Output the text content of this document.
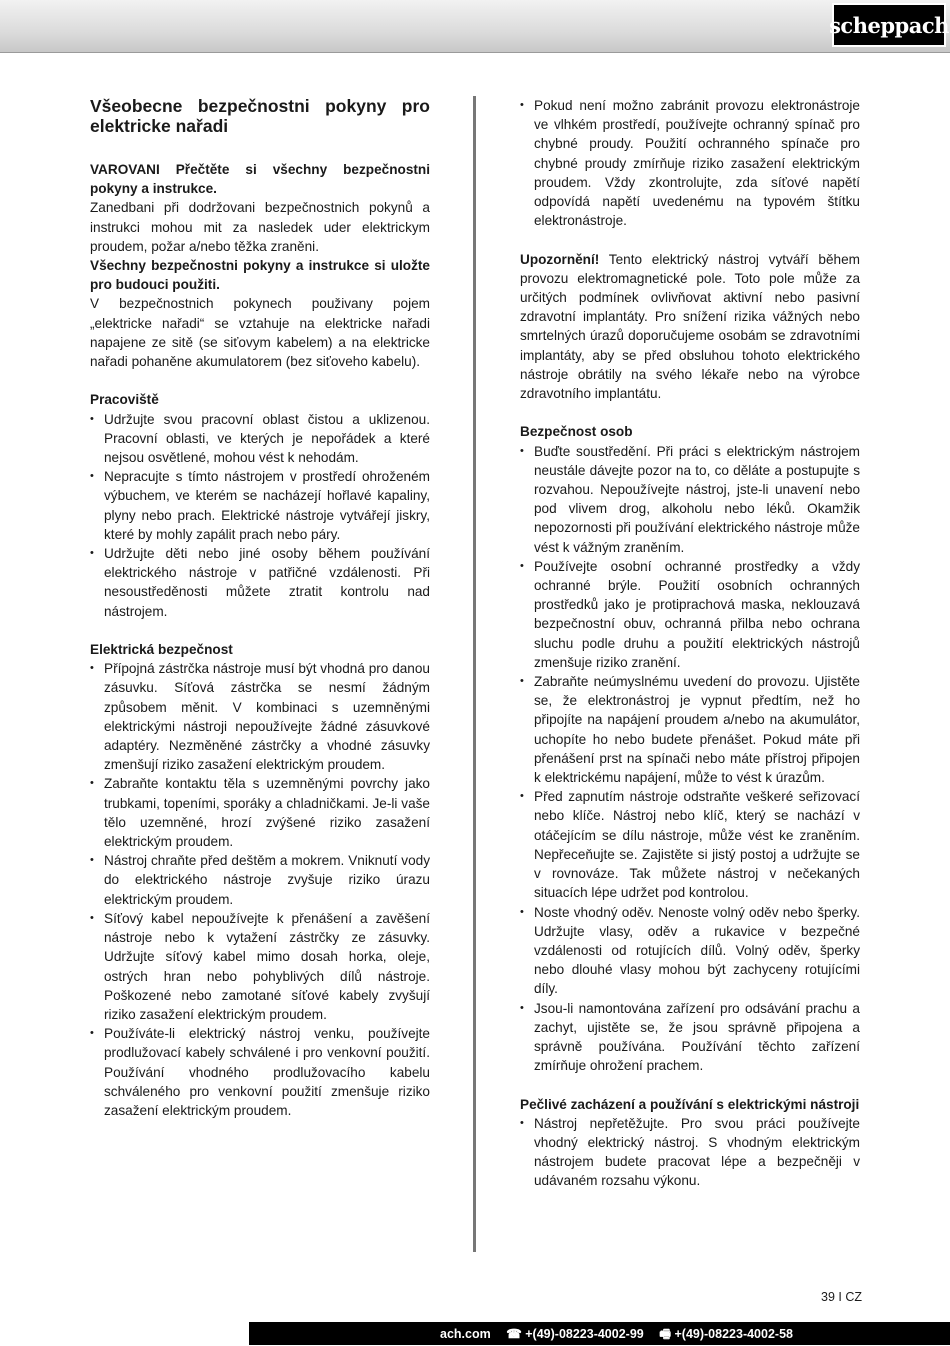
scheppach
Všeobecne bezpečnostni pokyny pro elektricke nařadi

VAROVANI Přečtěte si všechny bezpečnostni pokyny a instrukce.

Zanedbani při dodržovani bezpečnostnich pokynů a instrukci mohou mit za nasledek uder elektrickym proudem, požar a/nebo těžka zraněni.

Všechny bezpečnostni pokyny a instrukce si uložte pro budouci použiti.

V bezpečnostnich pokynech použivany pojem „elektricke nařadi“ se vztahuje na elektricke nařadi napajene ze sitě (se siťovym kabelem) a na elektricke nařadi pohaněne akumulatorem (bez siťoveho kabelu).

Pracoviště
• Udržujte svou pracovní oblast čistou a uklizenou. Pracovní oblasti, ve kterých je nepořádek a které nejsou osvětlené, mohou vést k nehodám.
• Nepracujte s tímto nástrojem v prostředí ohroženém výbuchem, ve kterém se nacházejí hořlavé kapaliny, plyny nebo prach. Elektrické nástroje vytvářejí jiskry, které by mohly zapálit prach nebo páry.
• Udržujte děti nebo jiné osoby během používání elektrického nástroje v patřičné vzdálenosti. Při nesoustředěnosti můžete ztratit kontrolu nad nástrojem.
Elektrická bezpečnost
• Přípojná zástrčka nástroje musí být vhodná pro danou zásuvku. Síťová zástrčka se nesmí žádným způsobem měnit. V kombinaci s uzemněnými elektrickými nástroji nepoužívejte žádné zásuvkové adaptéry. Nezměněné zástrčky a vhodné zásuvky zmenšují riziko zasažení elektrickým proudem.
• Zabraňte kontaktu těla s uzemněnými povrchy jako trubkami, topeními, sporáky a chladničkami. Je-li vaše tělo uzemněné, hrozí zvýšené riziko zasažení elektrickým proudem.
• Nástroj chraňte před deštěm a mokrem. Vniknutí vody do elektrického nástroje zvyšuje riziko úrazu elektrickým proudem.
• Síťový kabel nepoužívejte k přenášení a zavěšení nástroje nebo k vytažení zástrčky ze zásuvky. Udržujte síťový kabel mimo dosah horka, oleje, ostrých hran nebo pohyblivých dílů nástroje. Poškozené nebo zamotané síťové kabely zvyšují riziko zasažení elektrickým proudem.
• Používáte-li elektrický nástroj venku, používejte prodlužovací kabely schválené i pro venkovní použití. Používání vhodného prodlužovacího kabelu schváleného pro venkovní použití zmenšuje riziko zasažení elektrickým proudem.
• Pokud není možno zabránit provozu elektronástroje ve vlhkém prostředí, používejte ochranný spínač pro chybné proudy. Použití ochranného spínače pro chybné proudy zmírňuje riziko zasažení elektrickým proudem. Vždy zkontrolujte, zda síťové napětí odpovídá napětí uvedenému na typovém štítku elektronástroje.

Upozornění! Tento elektrický nástroj vytváří během provozu elektromagnetické pole. Toto pole může za určitých podmínek ovlivňovat aktivní nebo pasivní zdravotní implantáty. Pro snížení rizika vážných nebo smrtelných úrazů doporučujeme osobám se zdravotními implantáty, aby se před obsluhou tohoto elektrického nástroje obrátily na svého lékaře nebo na výrobce zdravotního implantátu.

Bezpečnost osob
• Buďte soustředění. Při práci s elektrickým nástrojem neustále dávejte pozor na to, co děláte a postupujte s rozvahou. Nepoužívejte nástroj, jste-li unavení nebo pod vlivem drog, alkoholu nebo léků. Okamžik nepozornosti při používání elektrického nástroje může vést k vážným zraněním.
• Používejte osobní ochranné prostředky a vždy ochranné brýle. Použití osobních ochranných prostředků jako je protiprachová maska, neklouzavá bezpečnostní obuv, ochranná přilba nebo ochrana sluchu podle druhu a použití elektrických nástrojů zmenšuje riziko zranění.
• Zabraňte neúmyslnému uvedení do provozu. Ujistěte se, že elektronástroj je vypnut předtím, než ho připojíte na napájení proudem a/nebo na akumulátor, uchopíte ho nebo budete přenášet. Pokud máte při přenášení prst na spínači nebo máte přístroj připojen k elektrickému napájení, může to vést k úrazům.
• Před zapnutím nástroje odstraňte veškeré seřizovací nebo klíče. Nástroj nebo klíč, který se nachází v otáčejícím se dílu nástroje, může vést ke zraněním. Nepřeceňujte se. Zajistěte si jistý postoj a udržujte se v rovnováze. Tak můžete nástroj v nečekaných situacích lépe udržet pod kontrolou.
• Noste vhodný oděv. Nenoste volný oděv nebo šperky. Udržujte vlasy, oděv a rukavice v bezpečné vzdálenosti od rotujících dílů. Volný oděv, šperky nebo dlouhé vlasy mohou být zachyceny rotujícími díly.
• Jsou-li namontována zařízení pro odsávání prachu a zachyt, ujistěte se, že jsou správně připojena a správně používána. Používání těchto zařízení zmírňuje ohrožení prachem.
Pečlivé zacházení a používání s elektrickými nástroji
• Nástroj nepřetěžujte. Pro svou práci používejte vhodný elektrický nástroj. S vhodným elektrickým nástrojem budete pracovat lépe a bezpečněji v udávaném rozsahu výkonu.
39 I CZ
ach.com ☎ +(49)-08223-4002-99 🖷 +(49)-08223-4002-58
